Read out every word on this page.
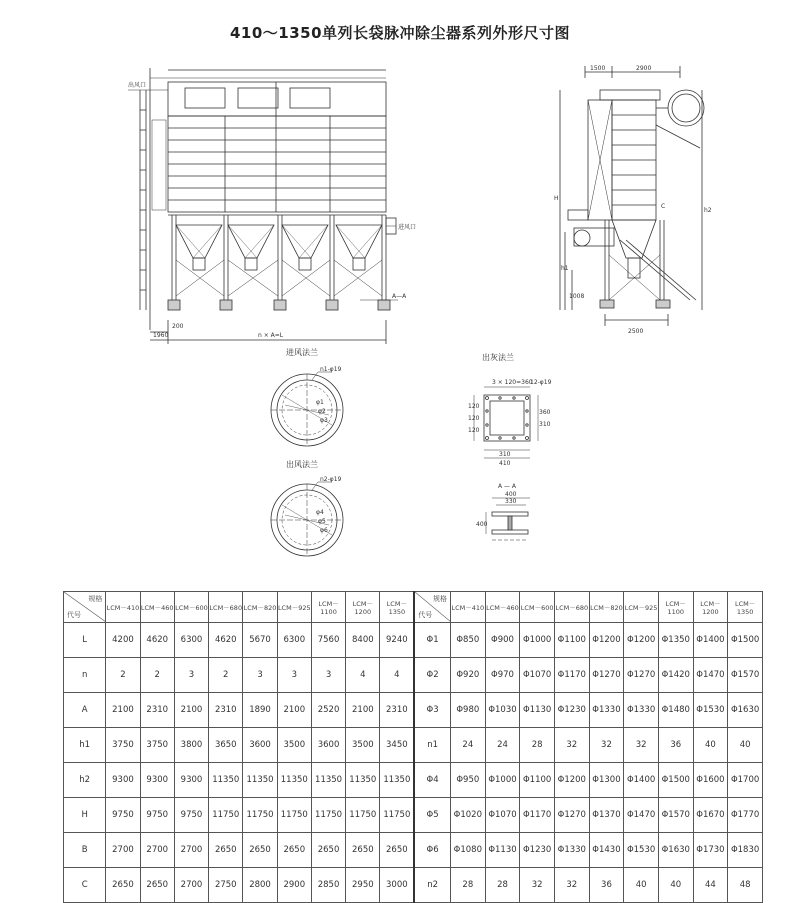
410～1350单列长袋脉冲除尘器系列外形尺寸图
出风口
进风口
A—A
200
1960	n × A=L
1500	2900
H
h2
h1
1008
C
2500
进风法兰
n1-φ19
φ1
φ2
φ3
出风法兰
n2-φ19
φ4
φ5
φ6
出灰法兰
3 × 120=360
12-φ19
310
410
120
120
120
360
310
A — A
400
330
400
规格
代号	LCM－410	LCM－460	LCM－600	LCM－680	LCM－820	LCM－925	LCM－1100	LCM－1200	LCM－1350	规格
代号	LCM－410	LCM－460	LCM－600	LCM－680	LCM－820	LCM－925	LCM－1100	LCM－1200	LCM－1350
L	4200	4620	6300	4620	5670	6300	7560	8400	9240	Φ1	Φ850	Φ900	Φ1000	Φ1100	Φ1200	Φ1200	Φ1350	Φ1400	Φ1500
n	2	2	3	2	3	3	3	4	4	Φ2	Φ920	Φ970	Φ1070	Φ1170	Φ1270	Φ1270	Φ1420	Φ1470	Φ1570
A	2100	2310	2100	2310	1890	2100	2520	2100	2310	Φ3	Φ980	Φ1030	Φ1130	Φ1230	Φ1330	Φ1330	Φ1480	Φ1530	Φ1630
h1	3750	3750	3800	3650	3600	3500	3600	3500	3450	n1	24	24	28	32	32	32	36	40	40
h2	9300	9300	9300	11350	11350	11350	11350	11350	11350	Φ4	Φ950	Φ1000	Φ1100	Φ1200	Φ1300	Φ1400	Φ1500	Φ1600	Φ1700
H	9750	9750	9750	11750	11750	11750	11750	11750	11750	Φ5	Φ1020	Φ1070	Φ1170	Φ1270	Φ1370	Φ1470	Φ1570	Φ1670	Φ1770
B	2700	2700	2700	2650	2650	2650	2650	2650	2650	Φ6	Φ1080	Φ1130	Φ1230	Φ1330	Φ1430	Φ1530	Φ1630	Φ1730	Φ1830
C	2650	2650	2700	2750	2800	2900	2850	2950	3000	n2	28	28	32	32	36	40	40	44	48
